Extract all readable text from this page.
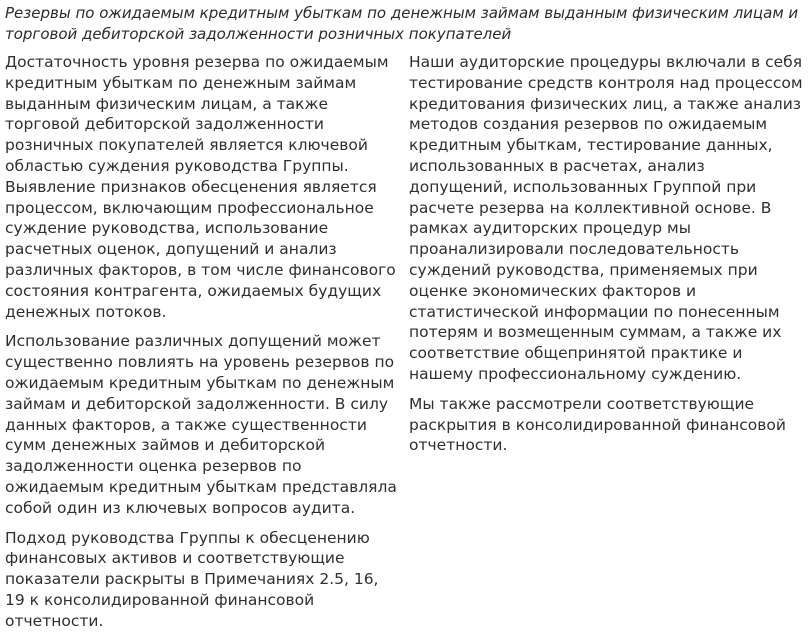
Резервы по ожидаемым кредитным убыткам по денежным займам выданным физическим лицам и торговой дебиторской задолженности розничных покупателей

Достаточность уровня резерва по ожидаемым кредитным убыткам по денежным займам выданным физическим лицам, а также торговой дебиторской задолженности розничных покупателей является ключевой областью суждения руководства Группы. Выявление признаков обесценения является процессом, включающим профессиональное суждение руководства, использование расчетных оценок, допущений и анализ различных факторов, в том числе финансового состояния контрагента, ожидаемых будущих денежных потоков.

Использование различных допущений может существенно повлиять на уровень резервов по ожидаемым кредитным убыткам по денежным займам и дебиторской задолженности. В силу данных факторов, а также существенности сумм денежных займов и дебиторской задолженности оценка резервов по ожидаемым кредитным убыткам представляла собой один из ключевых вопросов аудита.

Подход руководства Группы к обесценению финансовых активов и соответствующие показатели раскрыты в Примечаниях 2.5, 16, 19 к консолидированной финансовой отчетности.

Наши аудиторские процедуры включали в себя тестирование средств контроля над процессом кредитования физических лиц, а также анализ методов создания резервов по ожидаемым кредитным убыткам, тестирование данных, использованных в расчетах, анализ допущений, использованных Группой при расчете резерва на коллективной основе. В рамках аудиторских процедур мы проанализировали последовательность суждений руководства, применяемых при оценке экономических факторов и статистической информации по понесенным потерям и возмещенным суммам, а также их соответствие общепринятой практике и нашему профессиональному суждению.

Мы также рассмотрели соответствующие раскрытия в консолидированной финансовой отчетности.
